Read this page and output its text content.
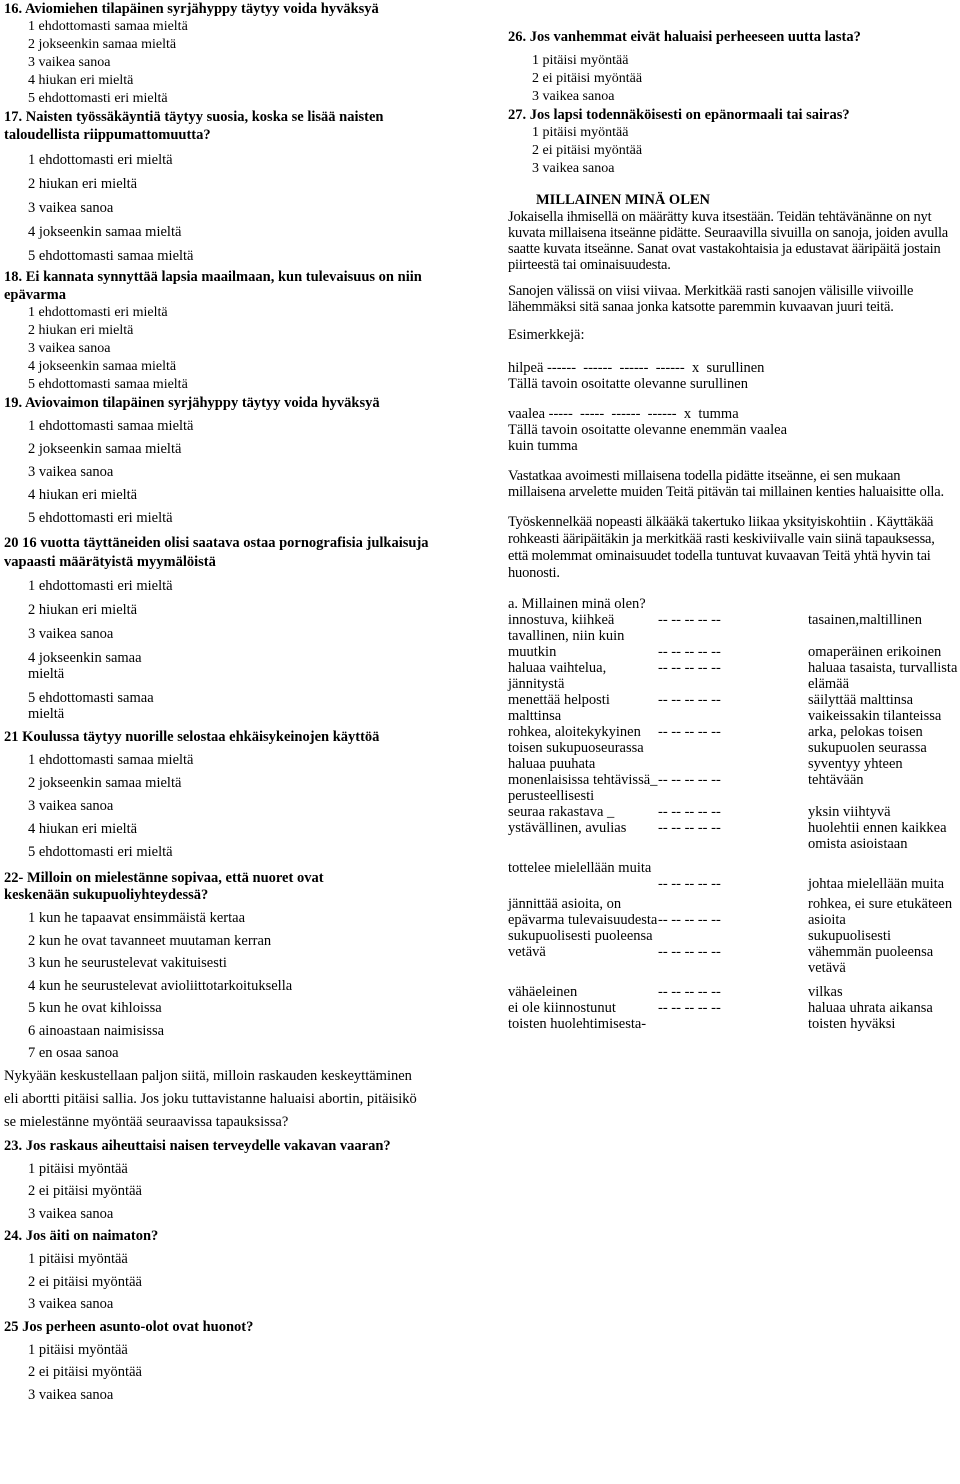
16. Aviomiehen tilapäinen syrjähyppy täytyy voida hyväksyä

1 ehdottomasti samaa mieltä

2 jokseenkin samaa mieltä

3 vaikea sanoa

4 hiukan eri mieltä

5 ehdottomasti eri mieltä

17. Naisten työssäkäyntiä täytyy suosia, koska se lisää naisten taloudellista riippumattomuutta?

1 ehdottomasti eri mieltä

2 hiukan eri mieltä

3 vaikea sanoa

4 jokseenkin samaa mieltä

5 ehdottomasti samaa mieltä

18. Ei kannata synnyttää lapsia maailmaan, kun tulevaisuus on niin epävarma

1 ehdottomasti eri mieltä

2 hiukan eri mieltä

3 vaikea sanoa

4 jokseenkin samaa mieltä

5 ehdottomasti samaa mieltä

19. Aviovaimon tilapäinen syrjähyppy täytyy voida hyväksyä

1 ehdottomasti samaa mieltä

2 jokseenkin samaa mieltä

3 vaikea sanoa

4 hiukan eri mieltä

5 ehdottomasti eri mieltä

20 16 vuotta täyttäneiden olisi saatava ostaa pornografisia julkaisuja vapaasti määrätyistä myymälöistä

1 ehdottomasti eri mieltä

2 hiukan eri mieltä

3 vaikea sanoa

4 jokseenkin samaa mieltä

5 ehdottomasti samaa mieltä

21 Koulussa täytyy nuorille selostaa ehkäisykeinojen käyttöä

1 ehdottomasti samaa mieltä

2 jokseenkin samaa mieltä

3 vaikea sanoa

4 hiukan eri mieltä

5 ehdottomasti eri mieltä

22- Milloin on mielestänne sopivaa, että nuoret ovat keskenään sukupuoliyhteydessä?

1 kun he tapaavat ensimmäistä kertaa

2 kun he ovat tavanneet muutaman kerran

3 kun he seurustelevat vakituisesti

4 kun he seurustelevat avioliittotarkoituksella

5 kun he ovat kihloissa

6 ainoastaan naimisissa

7 en osaa sanoa

Nykyään keskustellaan paljon siitä, milloin raskauden keskeyttäminen eli abortti pitäisi sallia. Jos joku tuttavistanne haluaisi abortin, pitäisikö se mielestänne myöntää seuraavissa tapauksissa?

23. Jos raskaus aiheuttaisi naisen terveydelle vakavan vaaran?

1 pitäisi myöntää

2 ei pitäisi myöntää

3 vaikea sanoa

24. Jos äiti on naimaton?

1 pitäisi myöntää

2 ei pitäisi myöntää

3 vaikea sanoa

25 Jos perheen asunto-olot ovat huonot?

1 pitäisi myöntää

2 ei pitäisi myöntää

3 vaikea sanoa

26. Jos vanhemmat eivät haluaisi perheeseen uutta lasta?

1 pitäisi myöntää

2 ei pitäisi myöntää

3 vaikea sanoa

27. Jos lapsi todennäköisesti on epänormaali tai sairas?

1 pitäisi myöntää

2 ei pitäisi myöntää

3 vaikea sanoa

MILLAINEN MINÄ OLEN

Jokaisella ihmisellä on määrätty kuva itsestään. Teidän tehtävänänne on nyt kuvata millaisena itseänne pidätte. Seuraavilla sivuilla on sanoja, joiden avulla saatte kuvata itseänne. Sanat ovat vastakohtaisia ja edustavat ääripäitä jostain piirteestä tai ominaisuudesta.

Sanojen välissä on viisi viivaa. Merkitkää rasti sanojen välisille viivoille lähemmäksi sitä sanaa jonka katsotte paremmin kuvaavan juuri teitä.

Esimerkkejä:

hilpeä ------  ------  ------  ------  x  surullinen

Tällä tavoin osoitatte olevanne surullinen

vaalea -----  -----  ------  ------  x  tumma

Tällä tavoin osoitatte olevanne enemmän vaalea kuin tumma

Vastatkaa avoimesti millaisena todella pidätte itseänne, ei sen mukaan millaisena arvelette muiden Teitä pitävän tai millainen kenties haluaisitte olla.

Työskennelkää nopeasti älkääkä takertuko liikaa yksityiskohtiin . Käyttäkää rohkeasti ääripäitäkin ja merkitkää rasti keskiviivalle vain siinä tapauksessa, että molemmat ominaisuudet todella tuntuvat kuvaavan Teitä yhtä hyvin tai huonosti.

a. Millainen minä olen?

innostuva, kiihkeä	-- -- -- -- --	tasainen,maltillinen
tavallinen, niin kuin muutkin	-- -- -- -- --	omaperäinen erikoinen
haluaa vaihtelua, jännitystä	-- -- -- -- --	haluaa tasaista, turvallista elämää
menettää helposti malttinsa	-- -- -- -- --	säilyttää malttinsa vaikeissakin tilanteissa
rohkea, aloitekykyinen toisen sukupuoseurassa	-- -- -- -- --	arka, pelokas toisen sukupuolen seurassa
haluaa puuhata monenlaisissa tehtävissä_ perusteellisesti	-- -- -- -- --	syventyy yhteen tehtävään
seuraa rakastava _	-- -- -- -- --	yksin viihtyvä
ystävällinen, avulias	-- -- -- -- --	huolehtii ennen kaikkea omista asioistaan
tottelee mielellään muita	-- -- -- -- --	johtaa mielellään muita
jännittää asioita, on epävarma tulevaisuudesta	-- -- -- -- --	rohkea, ei sure etukäteen asioita
sukupuolisesti puoleensa vetävä	-- -- -- -- --	sukupuolisesti vähemmän puoleensa vetävä
vähäeleinen	-- -- -- -- --	vilkas
ei ole kiinnostunut toisten huolehtimisesta-	-- -- -- -- --	haluaa uhrata aikansa toisten hyväksi
